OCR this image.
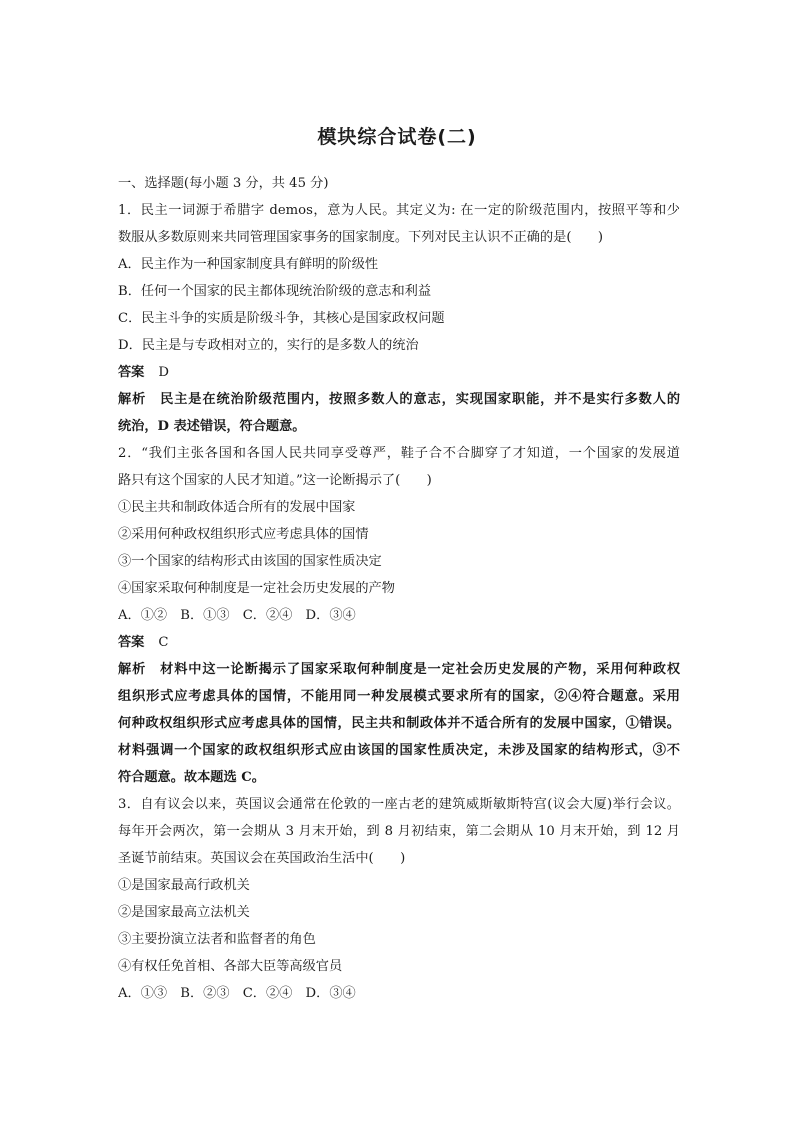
模块综合试卷(二)
一、选择题(每小题 3 分，共 45 分)
1．民主一词源于希腊字 demos，意为人民。其定义为: 在一定的阶级范围内，按照平等和少
数服从多数原则来共同管理国家事务的国家制度。下列对民主认识不正确的是(　　)
A．民主作为一种国家制度具有鲜明的阶级性
B．任何一个国家的民主都体现统治阶级的意志和利益
C．民主斗争的实质是阶级斗争，其核心是国家政权问题
D．民主是与专政相对立的，实行的是多数人的统治
答案 D
解析 民主是在统治阶级范围内，按照多数人的意志，实现国家职能，并不是实行多数人的
统治，D 表述错误，符合题意。
2．“我们主张各国和各国人民共同享受尊严，鞋子合不合脚穿了才知道，一个国家的发展道
路只有这个国家的人民才知道。”这一论断揭示了(　　)
①民主共和制政体适合所有的发展中国家
②采用何种政权组织形式应考虑具体的国情
③一个国家的结构形式由该国的国家性质决定
④国家采取何种制度是一定社会历史发展的产物
A．①②　B．①③　C．②④　D．③④
答案 C
解析 材料中这一论断揭示了国家采取何种制度是一定社会历史发展的产物，采用何种政权
组织形式应考虑具体的国情，不能用同一种发展模式要求所有的国家，②④符合题意。采用
何种政权组织形式应考虑具体的国情，民主共和制政体并不适合所有的发展中国家，①错误。
材料强调一个国家的政权组织形式应由该国的国家性质决定，未涉及国家的结构形式，③不
符合题意。故本题选 C。
3．自有议会以来，英国议会通常在伦敦的一座古老的建筑威斯敏斯特宫(议会大厦)举行会议。
每年开会两次，第一会期从 3 月末开始，到 8 月初结束，第二会期从 10 月末开始，到 12 月
圣诞节前结束。英国议会在英国政治生活中(　　)
①是国家最高行政机关
②是国家最高立法机关
③主要扮演立法者和监督者的角色
④有权任免首相、各部大臣等高级官员
A．①③　B．②③　C．②④　D．③④
